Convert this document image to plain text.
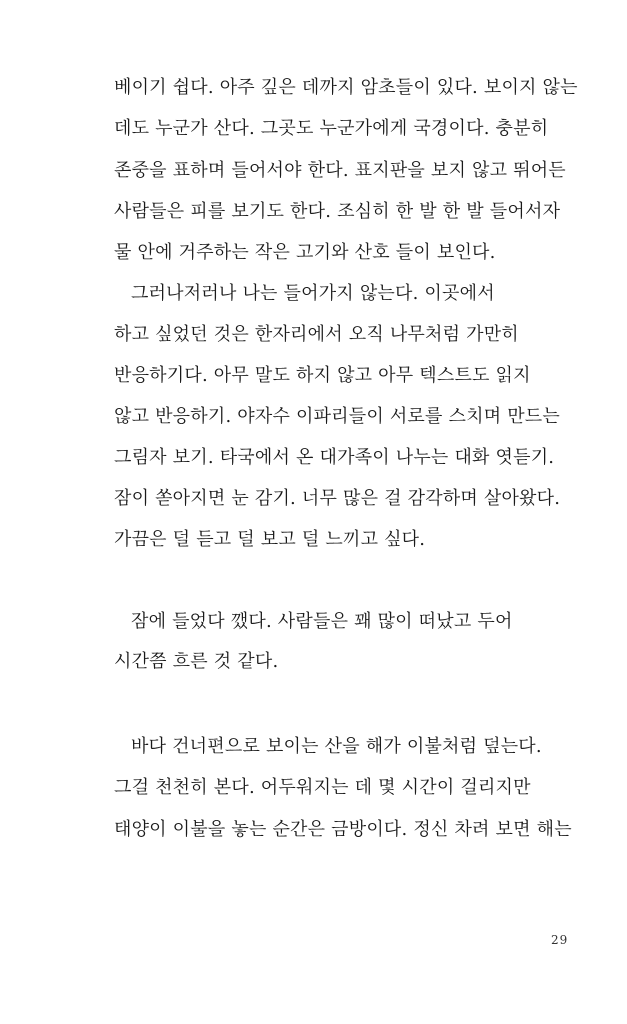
베이기 쉽다. 아주 깊은 데까지 암초들이 있다. 보이지 않는
데도 누군가 산다. 그곳도 누군가에게 국경이다. 충분히
존중을 표하며 들어서야 한다. 표지판을 보지 않고 뛰어든
사람들은 피를 보기도 한다. 조심히 한 발 한 발 들어서자
물 안에 거주하는 작은 고기와 산호 들이 보인다.
그러나저러나 나는 들어가지 않는다. 이곳에서
하고 싶었던 것은 한자리에서 오직 나무처럼 가만히
반응하기다. 아무 말도 하지 않고 아무 텍스트도 읽지
않고 반응하기. 야자수 이파리들이 서로를 스치며 만드는
그림자 보기. 타국에서 온 대가족이 나누는 대화 엿듣기.
잠이 쏟아지면 눈 감기. 너무 많은 걸 감각하며 살아왔다.
가끔은 덜 듣고 덜 보고 덜 느끼고 싶다.
잠에 들었다 깼다. 사람들은 꽤 많이 떠났고 두어
시간쯤 흐른 것 같다.
바다 건너편으로 보이는 산을 해가 이불처럼 덮는다.
그걸 천천히 본다. 어두워지는 데 몇 시간이 걸리지만
태양이 이불을 놓는 순간은 금방이다. 정신 차려 보면 해는
29
